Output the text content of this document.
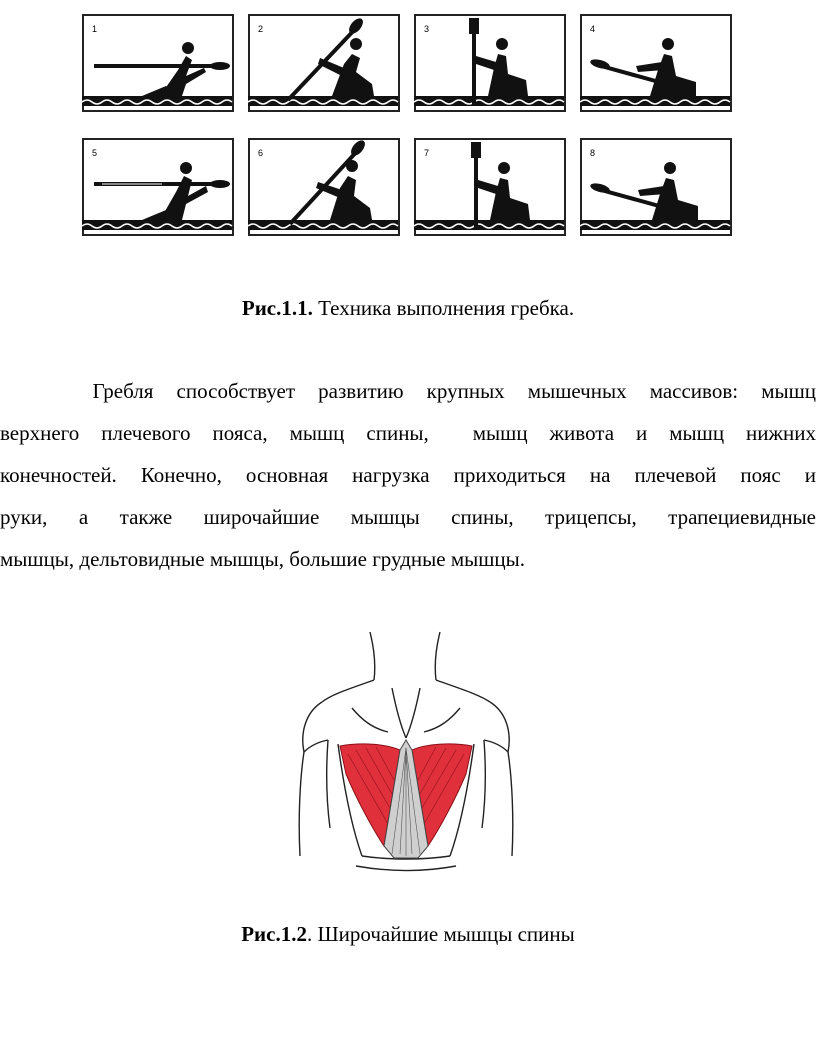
1	2	3	4
5	6	7	8
Рис.1.1. Техника выполнения гребка.
Гребля  способствует  развитию  крупных  мышечных  массивов:  мышц
верхнего  плечевого  пояса,  мышц  спины,    мышц  живота  и  мышц  нижних
конечностей.  Конечно,  основная  нагрузка  приходиться  на  плечевой  пояс  и
руки,  а  также  широчайшие  мышцы  спины,  трицепсы,  трапециевидные
мышцы, дельтовидные мышцы, большие грудные мышцы.
Рис.1.2. Широчайшие мышцы спины
